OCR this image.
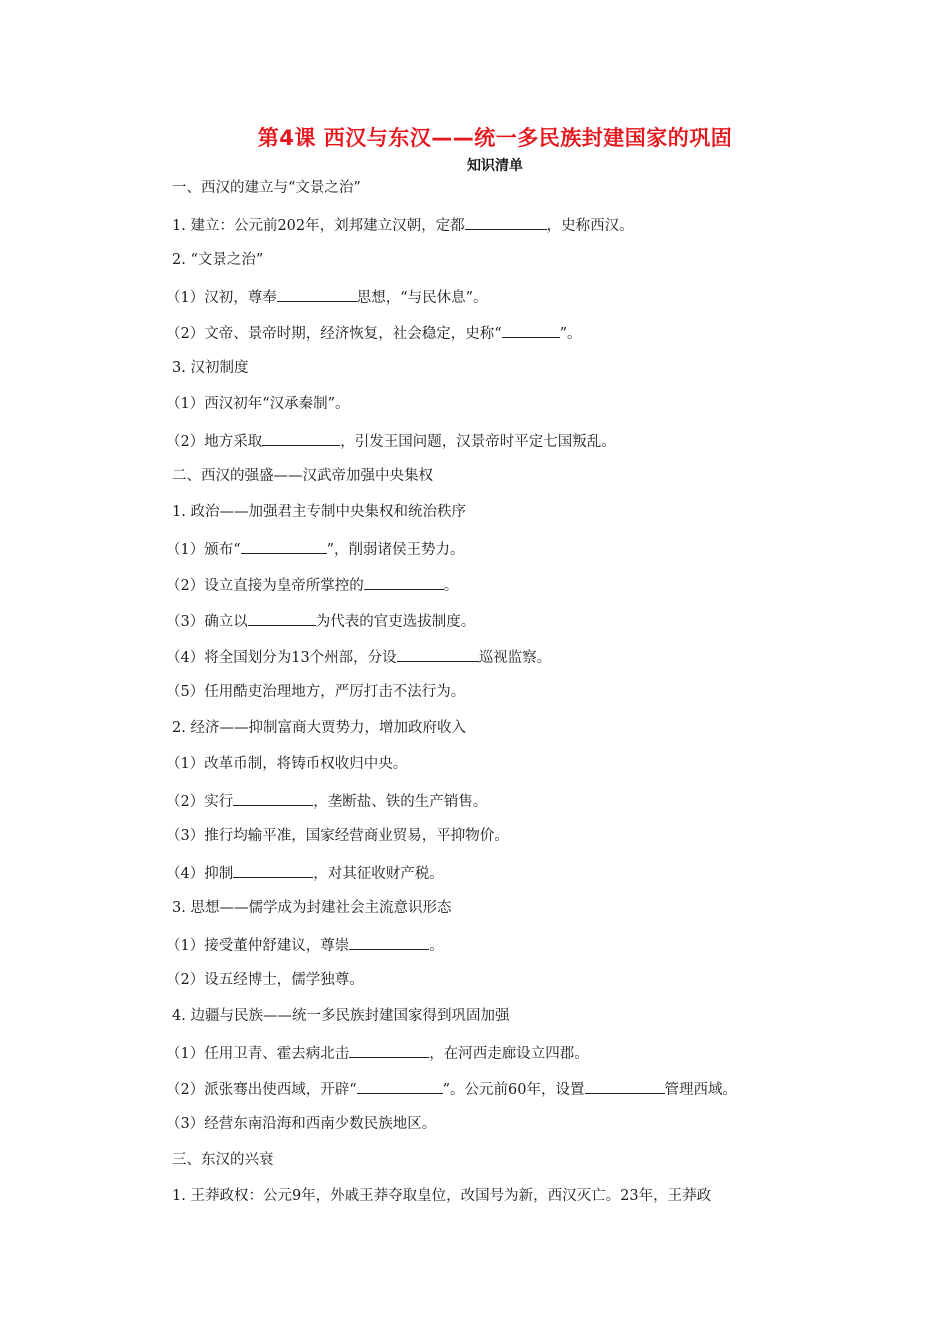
第4课 西汉与东汉——统一多民族封建国家的巩固
知识清单
一、西汉的建立与“文景之治”
1. 建立：公元前202年，刘邦建立汉朝，定都	，史称西汉。
2. “文景之治”
（1）汉初，尊奉	思想，“与民休息”。
（2）文帝、景帝时期，经济恢复，社会稳定，史称“	”。
3. 汉初制度
（1）西汉初年“汉承秦制”。
（2）地方采取	，引发王国问题，汉景帝时平定七国叛乱。
二、西汉的强盛——汉武帝加强中央集权
1. 政治——加强君主专制中央集权和统治秩序
（1）颁布“	”，削弱诸侯王势力。
（2）设立直接为皇帝所掌控的	。
（3）确立以	为代表的官吏选拔制度。
（4）将全国划分为13个州部，分设	巡视监察。
（5）任用酷吏治理地方，严厉打击不法行为。
2. 经济——抑制富商大贾势力，增加政府收入
（1）改革币制，将铸币权收归中央。
（2）实行	，垄断盐、铁的生产销售。
（3）推行均输平准，国家经营商业贸易，平抑物价。
（4）抑制	，对其征收财产税。
3. 思想——儒学成为封建社会主流意识形态
（1）接受董仲舒建议，尊崇	。
（2）设五经博士，儒学独尊。
4. 边疆与民族——统一多民族封建国家得到巩固加强
（1）任用卫青、霍去病北击	，在河西走廊设立四郡。
（2）派张骞出使西域，开辟“	”。公元前60年，设置	管理西域。
（3）经营东南沿海和西南少数民族地区。
三、东汉的兴衰
1. 王莽政权：公元9年，外戚王莽夺取皇位，改国号为新，西汉灭亡。23年，王莽政
